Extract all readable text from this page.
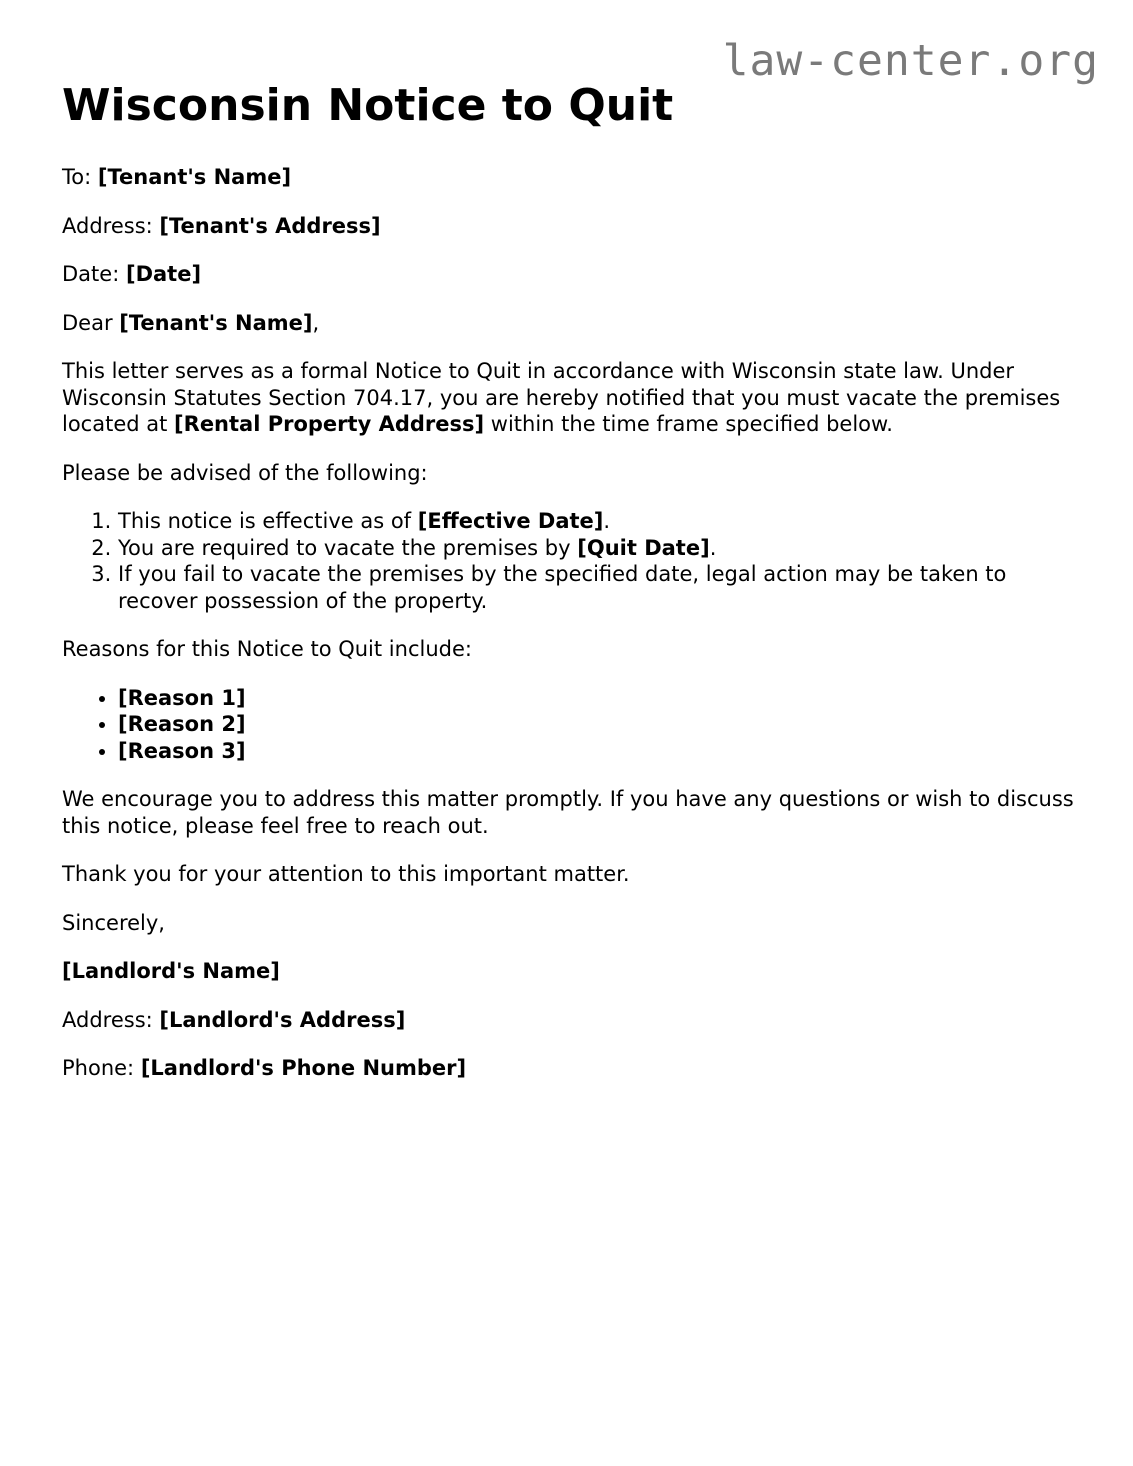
law-center.org
Wisconsin Notice to Quit

To: [Tenant's Name]

Address: [Tenant's Address]

Date: [Date]

Dear [Tenant's Name],

This letter serves as a formal Notice to Quit in accordance with Wisconsin state law. Under Wisconsin Statutes Section 704.17, you are hereby notified that you must vacate the premises located at [Rental Property Address] within the time frame specified below.

Please be advised of the following:

1. This notice is effective as of [Effective Date].
2. You are required to vacate the premises by [Quit Date].
3. If you fail to vacate the premises by the specified date, legal action may be taken to recover possession of the property.

Reasons for this Notice to Quit include:

• [Reason 1]
• [Reason 2]
• [Reason 3]

We encourage you to address this matter promptly. If you have any questions or wish to discuss this notice, please feel free to reach out.

Thank you for your attention to this important matter.

Sincerely,

[Landlord's Name]

Address: [Landlord's Address]

Phone: [Landlord's Phone Number]
